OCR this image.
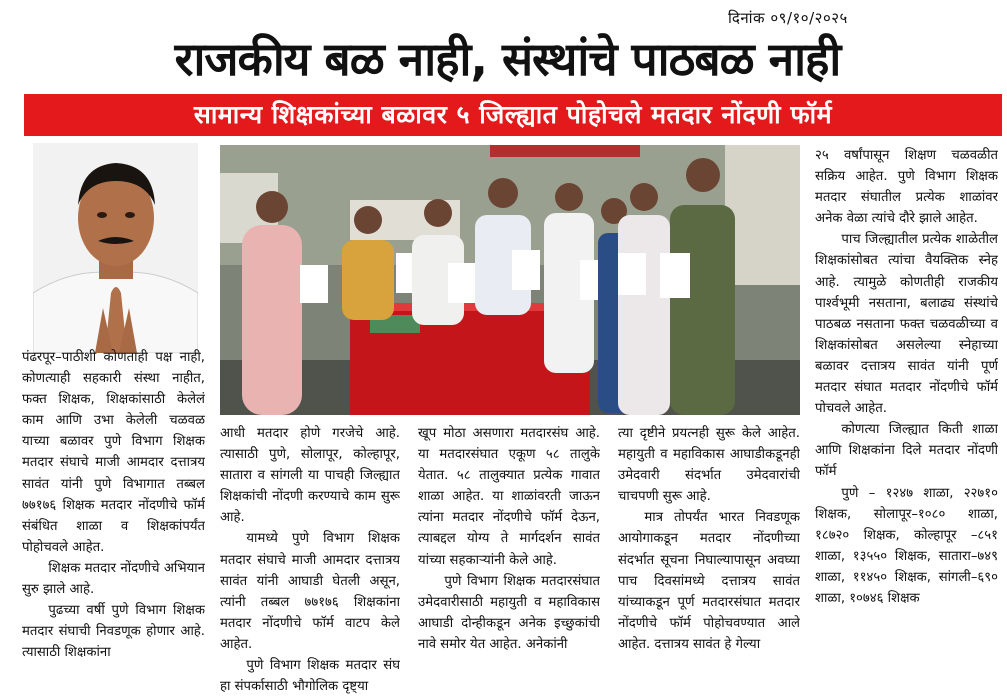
दिनांक ०९/१०/२०२५
राजकीय बळ नाही, संस्थांचे पाठबळ नाही
सामान्य शिक्षकांच्या बळावर ५ जिल्ह्यात पोहोचले मतदार नोंदणी फॉर्म

पंढरपूर–पाठीशी कोणताही पक्ष नाही, कोणत्याही सहकारी संस्था नाहीत, फक्त शिक्षक, शिक्षकांसाठी केलेलं काम आणि उभा केलेली चळवळ याच्या बळावर पुणे विभाग शिक्षक मतदार संघाचे माजी आमदार दत्तात्रय सावंत यांनी पुणे विभागात तब्बल ७७१७६ शिक्षक मतदार नोंदणीचे फॉर्म संबंधित शाळा व शिक्षकांपर्यंत पोहोचवले आहेत.

शिक्षक मतदार नोंदणीचे अभियान सुरु झाले आहे.

पुढच्या वर्षी पुणे विभाग शिक्षक मतदार संघाची निवडणूक होणार आहे. त्यासाठी शिक्षकांना

आधी मतदार होणे गरजेचे आहे. त्यासाठी पुणे, सोलापूर, कोल्हापूर, सातारा व सांगली या पाचही जिल्ह्यात शिक्षकांची नोंदणी करण्याचे काम सुरू आहे.

यामध्ये पुणे विभाग शिक्षक मतदार संघाचे माजी आमदार दत्तात्रय सावंत यांनी आघाडी घेतली असून, त्यांनी तब्बल ७७१७६ शिक्षकांना मतदार नोंदणीचे फॉर्म वाटप केले आहेत.

पुणे विभाग शिक्षक मतदार संघ हा संपर्कासाठी भौगोलिक दृष्ट्या

खूप मोठा असणारा मतदारसंघ आहे. या मतदारसंघात एकूण ५८ तालुके येतात. ५८ तालुक्यात प्रत्येक गावात शाळा आहेत. या शाळांवरती जाऊन त्यांना मतदार नोंदणीचे फॉर्म देऊन, त्याबद्दल योग्य ते मार्गदर्शन सावंत यांच्या सहकाऱ्यांनी केले आहे.

पुणे विभाग शिक्षक मतदारसंघात उमेदवारीसाठी महायुती व महाविकास आघाडी दोन्हीकडून अनेक इच्छुकांची नावे समोर येत आहेत. अनेकांनी

त्या दृष्टीने प्रयत्नही सुरू केले आहेत. महायुती व महाविकास आघाडीकडूनही उमेदवारी संदर्भात उमेदवारांची चाचपणी सुरू आहे.

मात्र तोपर्यंत भारत निवडणूक आयोगाकडून मतदार नोंदणीच्या संदर्भात सूचना निघाल्यापासून अवघ्या पाच दिवसांमध्ये दत्तात्रय सावंत यांच्याकडून पूर्ण मतदारसंघात मतदार नोंदणीचे फॉर्म पोहोचवण्यात आले आहेत. दत्तात्रय सावंत हे गेल्या

२५ वर्षांपासून शिक्षण चळवळीत सक्रिय आहेत. पुणे विभाग शिक्षक मतदार संघातील प्रत्येक शाळांवर अनेक वेळा त्यांचे दौरे झाले आहेत.

पाच जिल्ह्यातील प्रत्येक शाळेतील शिक्षकांसोबत त्यांचा वैयक्तिक स्नेह आहे. त्यामुळे कोणतीही राजकीय पार्श्वभूमी नसताना, बलाढ्य संस्थांचे पाठबळ नसताना फक्त चळवळीच्या व शिक्षकांसोबत असलेल्या स्नेहाच्या बळावर दत्तात्रय सावंत यांनी पूर्ण मतदार संघात मतदार नोंदणीचे फॉर्म पोचवले आहेत.

कोणत्या जिल्ह्यात किती शाळा आणि शिक्षकांना दिले मतदार नोंदणी फॉर्म

पुणे – १२४७ शाळा, २२७१० शिक्षक, सोलापूर–१०८० शाळा, १८७२० शिक्षक, कोल्हापूर –८५१ शाळा, १३५५० शिक्षक, सातारा–७४९ शाळा, ११४५० शिक्षक, सांगली–६९० शाळा, १०७४६ शिक्षक
